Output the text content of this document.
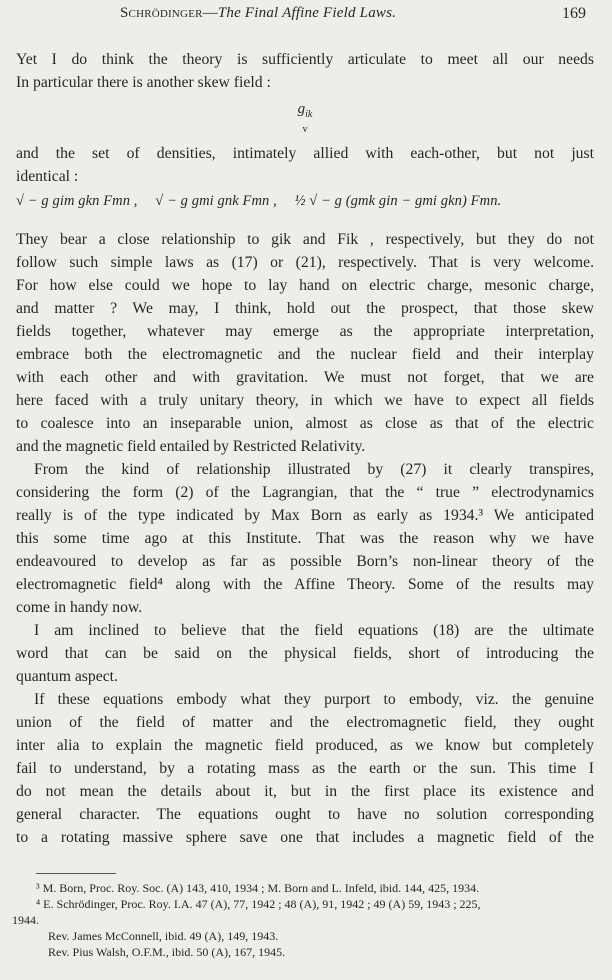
Schrödinger—The Final Affine Field Laws.	169
Yet I do think the theory is sufficiently articulate to meet all our needs
In particular there is another skew field :
$g_{ik}$
v
and the set of densities, intimately allied with each-other, but not just
identical :
√ − g gim gkn Fmn , √ − g gmi gnk Fmn , ½ √ − g (gmk gin − gmi gkn) Fmn.
They bear a close relationship to gik and Fik , respectively, but they do not
follow such simple laws as (17) or (21), respectively. That is very welcome.
For how else could we hope to lay hand on electric charge, mesonic charge,
and matter ? We may, I think, hold out the prospect, that those skew
fields together, whatever may emerge as the appropriate interpretation,
embrace both the electromagnetic and the nuclear field and their interplay
with each other and with gravitation. We must not forget, that we are
here faced with a truly unitary theory, in which we have to expect all fields
to coalesce into an inseparable union, almost as close as that of the electric
and the magnetic field entailed by Restricted Relativity.
From the kind of relationship illustrated by (27) it clearly transpires,
considering the form (2) of the Lagrangian, that the “ true ” electrodynamics
really is of the type indicated by Max Born as early as 1934.³ We anticipated
this some time ago at this Institute. That was the reason why we have
endeavoured to develop as far as possible Born’s non-linear theory of the
electromagnetic field⁴ along with the Affine Theory. Some of the results may
come in handy now.
I am inclined to believe that the field equations (18) are the ultimate
word that can be said on the physical fields, short of introducing the
quantum aspect.
If these equations embody what they purport to embody, viz. the genuine
union of the field of matter and the electromagnetic field, they ought
inter alia to explain the magnetic field produced, as we know but completely
fail to understand, by a rotating mass as the earth or the sun. This time I
do not mean the details about it, but in the first place its existence and
general character. The equations ought to have no solution corresponding
to a rotating massive sphere save one that includes a magnetic field of the
³ M. Born, Proc. Roy. Soc. (A) 143, 410, 1934 ; M. Born and L. Infeld, ibid. 144, 425, 1934.
⁴ E. Schrödinger, Proc. Roy. I.A. 47 (A), 77, 1942 ; 48 (A), 91, 1942 ; 49 (A) 59, 1943 ; 225,
1944.
Rev. James McConnell, ibid. 49 (A), 149, 1943.
Rev. Pius Walsh, O.F.M., ibid. 50 (A), 167, 1945.
